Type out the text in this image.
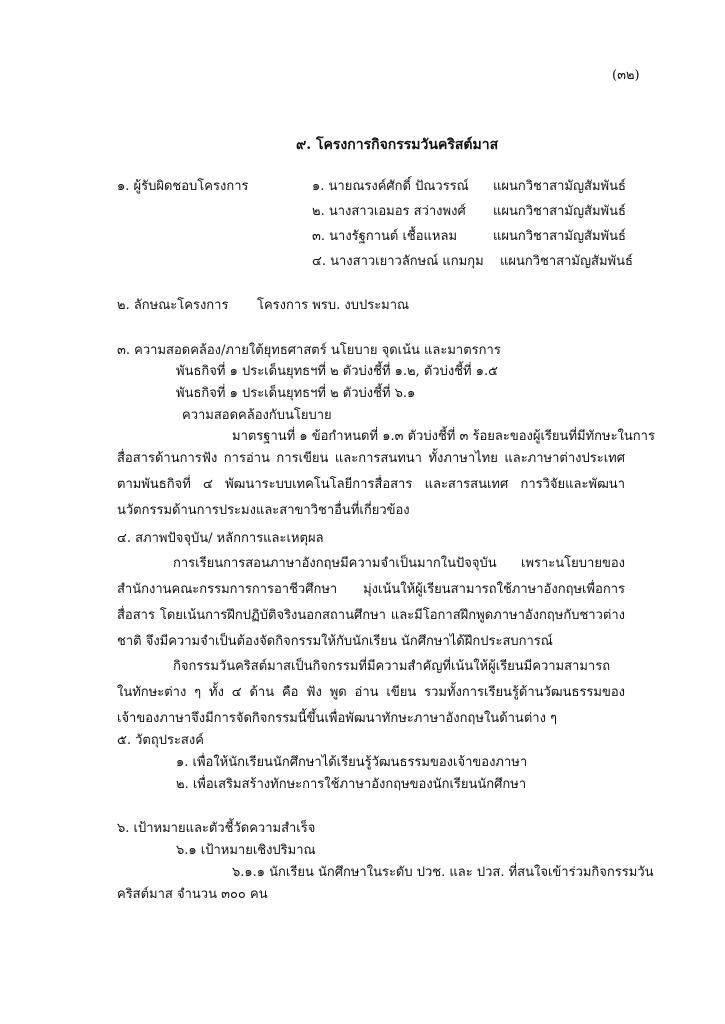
(๓๒)
๙. โครงการกิจกรรมวันคริสต์มาส
๑. ผู้รับผิดชอบโครงการ	๑. นายณรงค์ศักดิ์ ปัณวรรณ์ แผนกวิชาสามัญสัมพันธ์
๒. นางสาวเอมอร สว่างพงศ์ แผนกวิชาสามัญสัมพันธ์
๓. นางรัฐกานต์ เชื้อแหลม	แผนกวิชาสามัญสัมพันธ์
๔. นางสาวเยาวลักษณ์ แกมกุม แผนกวิชาสามัญสัมพันธ์
๒. ลักษณะโครงการ โครงการ พรบ. งบประมาณ
๓. ความสอดคล้อง/ภายใต้ยุทธศาสตร์ นโยบาย จุดเน้น และมาตรการ
พันธกิจที่ ๑ ประเด็นยุทธฯที่ ๒ ตัวบ่งชี้ที่ ๑.๒, ตัวบ่งชี้ที่ ๑.๕
พันธกิจที่ ๑ ประเด็นยุทธฯที่ ๒ ตัวบ่งชี้ที่ ๖.๑
ความสอดคล้องกับนโยบาย
มาตรฐานที่ ๑ ข้อกำหนดที่ ๑.๓ ตัวบ่งชี้ที่ ๓ ร้อยละของผู้เรียนที่มีทักษะในการ
สื่อสารด้านการฟัง การอ่าน การเขียน และการสนทนา ทั้งภาษาไทย และภาษาต่างประเทศตามพันธกิจที่ ๔ พัฒนาระบบเทคโนโลยีการสื่อสาร และสารสนเทศ การวิจัยและพัฒนานวัตกรรมด้านการประมงและสาขาวิชาอื่นที่เกี่ยวข้อง
๔. สภาพปัจจุบัน/ หลักการและเหตุผล
การเรียนการสอนภาษาอังกฤษมีความจำเป็นมากในปัจจุบัน เพราะนโยบายของสำนักงานคณะกรรมการการอาชีวศึกษา มุ่งเน้นให้ผู้เรียนสามารถใช้ภาษาอังกฤษเพื่อการสื่อสาร โดยเน้นการฝึกปฏิบัติจริงนอกสถานศึกษา และมีโอกาสฝึกพูดภาษาอังกฤษกับชาวต่างชาติ จึงมีความจำเป็นต้องจัดกิจกรรมให้กับนักเรียน นักศึกษาได้ฝึกประสบการณ์
กิจกรรมวันคริสต์มาสเป็นกิจกรรมที่มีความสำคัญที่เน้นให้ผู้เรียนมีความสามารถในทักษะต่าง ๆ ทั้ง ๔ ด้าน คือ ฟัง พูด อ่าน เขียน รวมทั้งการเรียนรู้ด้านวัฒนธรรมของเจ้าของภาษาจึงมีการจัดกิจกรรมนี้ขึ้นเพื่อพัฒนาทักษะภาษาอังกฤษในด้านต่าง ๆ
๕. วัตถุประสงค์
๑. เพื่อให้นักเรียนนักศึกษาได้เรียนรู้วัฒนธรรมของเจ้าของภาษา
๒. เพื่อเสริมสร้างทักษะการใช้ภาษาอังกฤษของนักเรียนนักศึกษา
๖. เป้าหมายและตัวชี้วัดความสำเร็จ
๖.๑ เป้าหมายเชิงปริมาณ
๖.๑.๑ นักเรียน นักศึกษาในระดับ ปวช. และ ปวส. ที่สนใจเข้าร่วมกิจกรรมวัน
คริสต์มาส จำนวน ๓๐๐ คน
